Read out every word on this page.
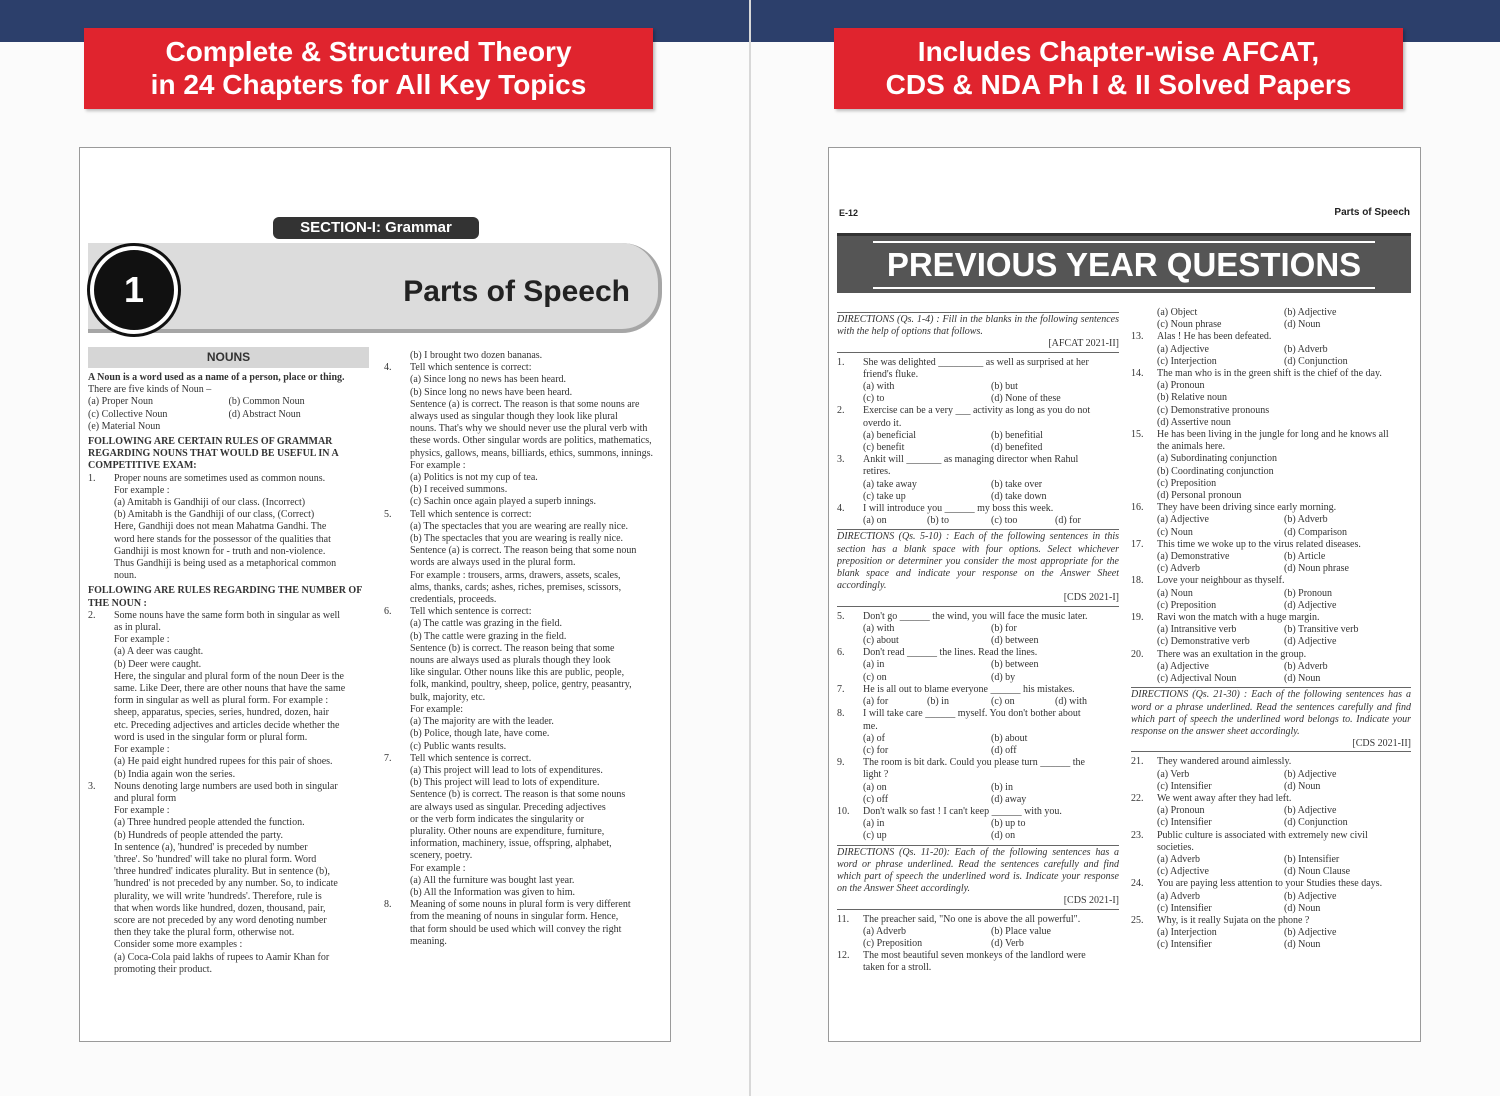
Complete & Structured Theory
in 24 Chapters for All Key Topics
Includes Chapter-wise AFCAT,
CDS & NDA Ph I & II Solved Papers
SECTION-I: Grammar
1	Parts of Speech
NOUNS
A Noun is a word used as a name of a person, place or thing.
There are five kinds of Noun –
(a) Proper Noun	(b) Common Noun
(c) Collective Noun	(d) Abstract Noun
(e) Material Noun
FOLLOWING ARE CERTAIN RULES OF GRAMMAR REGARDING NOUNS THAT WOULD BE USEFUL IN A COMPETITIVE EXAM:
1. Proper nouns are sometimes used as common nouns.
For example :
(a) Amitabh is Gandhiji of our class. (Incorrect)
(b) Amitabh is the Gandhiji of our class, (Correct)
Here, Gandhiji does not mean Mahatma Gandhi. The
word here stands for the possessor of the qualities that
Gandhiji is most known for - truth and non-violence.
Thus Gandhiji is being used as a metaphorical common
noun.
FOLLOWING ARE RULES REGARDING THE NUMBER OF THE NOUN :
2. Some nouns have the same form both in singular as well
as in plural.
For example :
(a) A deer was caught.
(b) Deer were caught.
Here, the singular and plural form of the noun Deer is the
same. Like Deer, there are other nouns that have the same
form in singular as well as plural form. For example :
sheep, apparatus, species, series, hundred, dozen, hair
etc. Preceding adjectives and articles decide whether the
word is used in the singular form or plural form.
For example :
(a) He paid eight hundred rupees for this pair of shoes.
(b) India again won the series.
3. Nouns denoting large numbers are used both in singular
and plural form
For example :
(a) Three hundred people attended the function.
(b) Hundreds of people attended the party.
In sentence (a), 'hundred' is preceded by number
'three'. So 'hundred' will take no plural form. Word
'three hundred' indicates plurality. But in sentence (b),
'hundred' is not preceded by any number. So, to indicate
plurality, we will write 'hundreds'. Therefore, rule is
that when words like hundred, dozen, thousand, pair,
score are not preceded by any word denoting number
then they take the plural form, otherwise not.
Consider some more examples :
(a) Coca-Cola paid lakhs of rupees to Aamir Khan for
promoting their product.
(b) I brought two dozen bananas.
4. Tell which sentence is correct:
(a) Since long no news has been heard.
(b) Since long no news have been heard.
Sentence (a) is correct. The reason is that some nouns are
always used as singular though they look like plural
nouns. That's why we should never use the plural verb with
these words. Other singular words are politics, mathematics,
physics, gallows, means, billiards, ethics, summons, innings.
For example :
(a) Politics is not my cup of tea.
(b) I received summons.
(c) Sachin once again played a superb innings.
5. Tell which sentence is correct:
(a) The spectacles that you are wearing are really nice.
(b) The spectacles that you are wearing is really nice.
Sentence (a) is correct. The reason being that some noun
words are always used in the plural form.
For example : trousers, arms, drawers, assets, scales,
alms, thanks, cards; ashes, riches, premises, scissors,
credentials, proceeds.
6. Tell which sentence is correct:
(a) The cattle was grazing in the field.
(b) The cattle were grazing in the field.
Sentence (b) is correct. The reason being that some
nouns are always used as plurals though they look
like singular. Other nouns like this are public, people,
folk, mankind, poultry, sheep, police, gentry, peasantry,
bulk, majority, etc.
For example:
(a) The majority are with the leader.
(b) Police, though late, have come.
(c) Public wants results.
7. Tell which sentence is correct.
(a) This project will lead to lots of expenditures.
(b) This project will lead to lots of expenditure.
Sentence (b) is correct. The reason is that some nouns
are always used as singular. Preceding adjectives
or the verb form indicates the singularity or
plurality. Other nouns are expenditure, furniture,
information, machinery, issue, offspring, alphabet,
scenery, poetry.
For example :
(a) All the furniture was bought last year.
(b) All the Information was given to him.
8. Meaning of some nouns in plural form is very different
from the meaning of nouns in singular form. Hence,
that form should be used which will convey the right
meaning.
E-12	Parts of Speech
PREVIOUS YEAR QUESTIONS
DIRECTIONS (Qs. 1-4) : Fill in the blanks in the following sentences with the help of options that follows.
[AFCAT 2021-II]
1. She was delighted _________ as well as surprised at her
friend's fluke.
(a) with	(b) but
(c) to	(d) None of these
2. Exercise can be a very ___ activity as long as you do not
overdo it.
(a) beneficial	(b) benefitial
(c) benefit	(d) benefited
3. Ankit will _______ as managing director when Rahul
retires.
(a) take away	(b) take over
(c) take up	(d) take down
4. I will introduce you ______ my boss this week.
(a) on	(b) to	(c) too	(d) for
DIRECTIONS (Qs. 5-10) : Each of the following sentences in this section has a blank space with four options. Select whichever preposition or determiner you consider the most appropriate for the blank space and indicate your response on the Answer Sheet accordingly.
[CDS 2021-I]
5. Don't go ______ the wind, you will face the music later.
(a) with	(b) for
(c) about	(d) between
6. Don't read ______ the lines. Read the lines.
(a) in	(b) between
(c) on	(d) by
7. He is all out to blame everyone ______ his mistakes.
(a) for	(b) in	(c) on	(d) with
8. I will take care ______ myself. You don't bother about
me.
(a) of	(b) about
(c) for	(d) off
9. The room is bit dark. Could you please turn ______ the
light ?
(a) on	(b) in
(c) off	(d) away
10. Don't walk so fast ! I can't keep ______ with you.
(a) in	(b) up to
(c) up	(d) on
DIRECTIONS (Qs. 11-20): Each of the following sentences has a word or phrase underlined. Read the sentences carefully and find which part of speech the underlined word is. Indicate your response on the Answer Sheet accordingly.
[CDS 2021-I]
11. The preacher said, "No one is above the all powerful".
(a) Adverb	(b) Place value
(c) Preposition	(d) Verb
12. The most beautiful seven monkeys of the landlord were
taken for a stroll.
(a) Object	(b) Adjective
(c) Noun phrase	(d) Noun
13. Alas ! He has been defeated.
(a) Adjective	(b) Adverb
(c) Interjection	(d) Conjunction
14. The man who is in the green shift is the chief of the day.
(a) Pronoun
(b) Relative noun
(c) Demonstrative pronouns
(d) Assertive noun
15. He has been living in the jungle for long and he knows all
the animals here.
(a) Subordinating conjunction
(b) Coordinating conjunction
(c) Preposition
(d) Personal pronoun
16. They have been driving since early morning.
(a) Adjective	(b) Adverb
(c) Noun	(d) Comparison
17. This time we woke up to the virus related diseases.
(a) Demonstrative	(b) Article
(c) Adverb	(d) Noun phrase
18. Love your neighbour as thyself.
(a) Noun	(b) Pronoun
(c) Preposition	(d) Adjective
19. Ravi won the match with a huge margin.
(a) Intransitive verb	(b) Transitive verb
(c) Demonstrative verb	(d) Adjective
20. There was an exultation in the group.
(a) Adjective	(b) Adverb
(c) Adjectival Noun	(d) Noun
DIRECTIONS (Qs. 21-30) : Each of the following sentences has a word or a phrase underlined. Read the sentences carefully and find which part of speech the underlined word belongs to. Indicate your response on the answer sheet accordingly.
[CDS 2021-II]
21. They wandered around aimlessly.
(a) Verb	(b) Adjective
(c) Intensifier	(d) Noun
22. We went away after they had left.
(a) Pronoun	(b) Adjective
(c) Intensifier	(d) Conjunction
23. Public culture is associated with extremely new civil
societies.
(a) Adverb	(b) Intensifier
(c) Adjective	(d) Noun Clause
24. You are paying less attention to your Studies these days.
(a) Adverb	(b) Adjective
(c) Intensifier	(d) Noun
25. Why, is it really Sujata on the phone ?
(a) Interjection	(b) Adjective
(c) Intensifier	(d) Noun
